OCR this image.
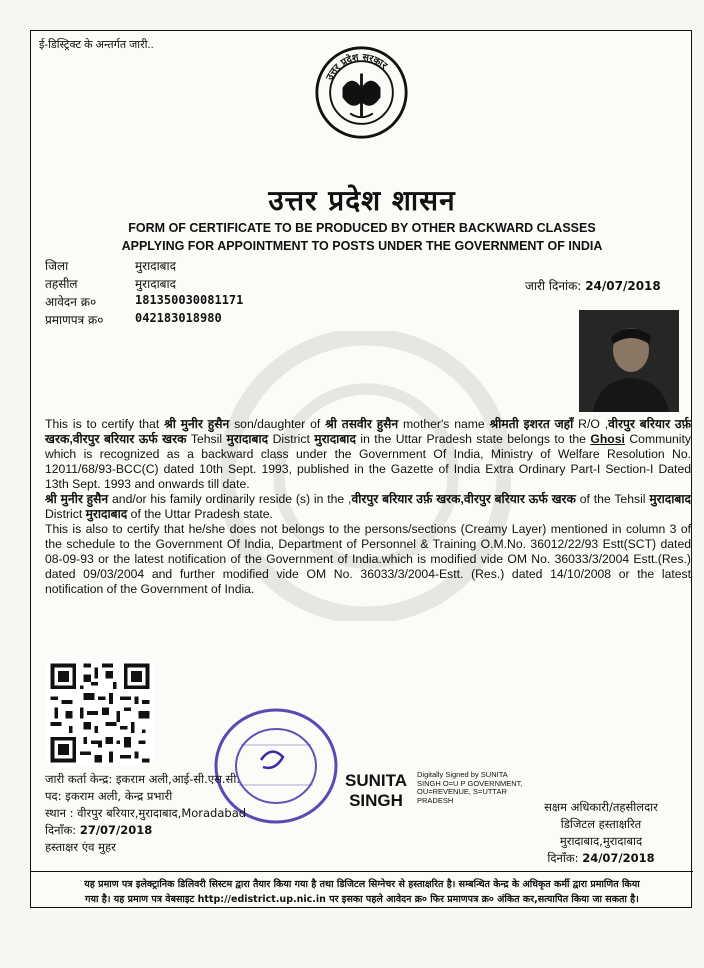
ई-डिस्ट्रिक्ट के अन्तर्गत जारी..
उत्तर प्रदेश सरकार
उत्तर प्रदेश शासन
FORM OF CERTIFICATE TO BE PRODUCED BY OTHER BACKWARD CLASSES
APPLYING FOR APPOINTMENT TO POSTS UNDER THE GOVERNMENT OF INDIA
जिला	मुरादाबाद
तहसील	मुरादाबाद
आवेदन क्र०	181350030081171
प्रमाणपत्र क्र०	042183018980
जारी दिनांक: 24/07/2018

This is to certify that श्री मुनीर हुसैन son/daughter of श्री तसवीर हुसैन mother's name श्रीमती इशरत जहाँ R/O ,वीरपुर बरियार उर्फ़ खरक,वीरपुर बरियार ऊर्फ खरक Tehsil मुरादाबाद District मुरादाबाद in the Uttar Pradesh state belongs to the Ghosi Community which is recognized as a backward class under the Government Of India, Ministry of Welfare Resolution No. 12011/68/93-BCC(C) dated 10th Sept. 1993, published in the Gazette of India Extra Ordinary Part-I Section-I Dated 13th Sept. 1993 and onwards till date.

श्री मुनीर हुसैन and/or his family ordinarily reside (s) in the ,वीरपुर बरियार उर्फ़ खरक,वीरपुर बरियार ऊर्फ खरक of the Tehsil मुरादाबाद District मुरादाबाद of the Uttar Pradesh state.

This is also to certify that he/she does not belongs to the persons/sections (Creamy Layer) mentioned in column 3 of the schedule to the Government Of India, Department of Personnel & Training O.M.No. 36012/22/93 Estt(SCT) dated 08-09-93 or the latest notification of the Government of India.which is modified vide OM No. 36033/3/2004 Estt.(Res.) dated 09/03/2004 and further modified vide OM No. 36033/3/2004-Estt. (Res.) dated 14/10/2008 or the latest notification of the Government of India.

जारी कर्ता केन्द्र: इकराम अली,आई-सी.एस.सी.
पद: इकराम अली, केन्द्र प्रभारी
स्थान : वीरपुर बरियार,मुरादाबाद,Moradabad
दिनाँक: 27/07/2018
हस्ताक्षर एंव मुहर
SUNITA
SINGH
Digitally Signed by SUNITA SINGH O=U P GOVERNMENT, OU=REVENUE, S=UTTAR PRADESH	सक्षम अधिकारी/तहसीलदार
डिजिटल हस्ताक्षरित
मुरादाबाद,मुरादाबाद
दिनाँक: 24/07/2018
यह प्रमाण पत्र इलेक्ट्रानिक डिलिवरी सिस्टम द्वारा तैयार किया गया है तथा डिजिटल सिग्नेचर से हस्ताक्षरित है। सम्बन्धित केन्द्र के अधिकृत कर्मी द्वारा प्रमाणित किया
गया है। यह प्रमाण पत्र वेबसाइट http://edistrict.up.nic.in पर इसका पहले आवेदन क्र० फिर प्रमाणपत्र क्र० अंकित कर,सत्यापित किया जा सकता है।
